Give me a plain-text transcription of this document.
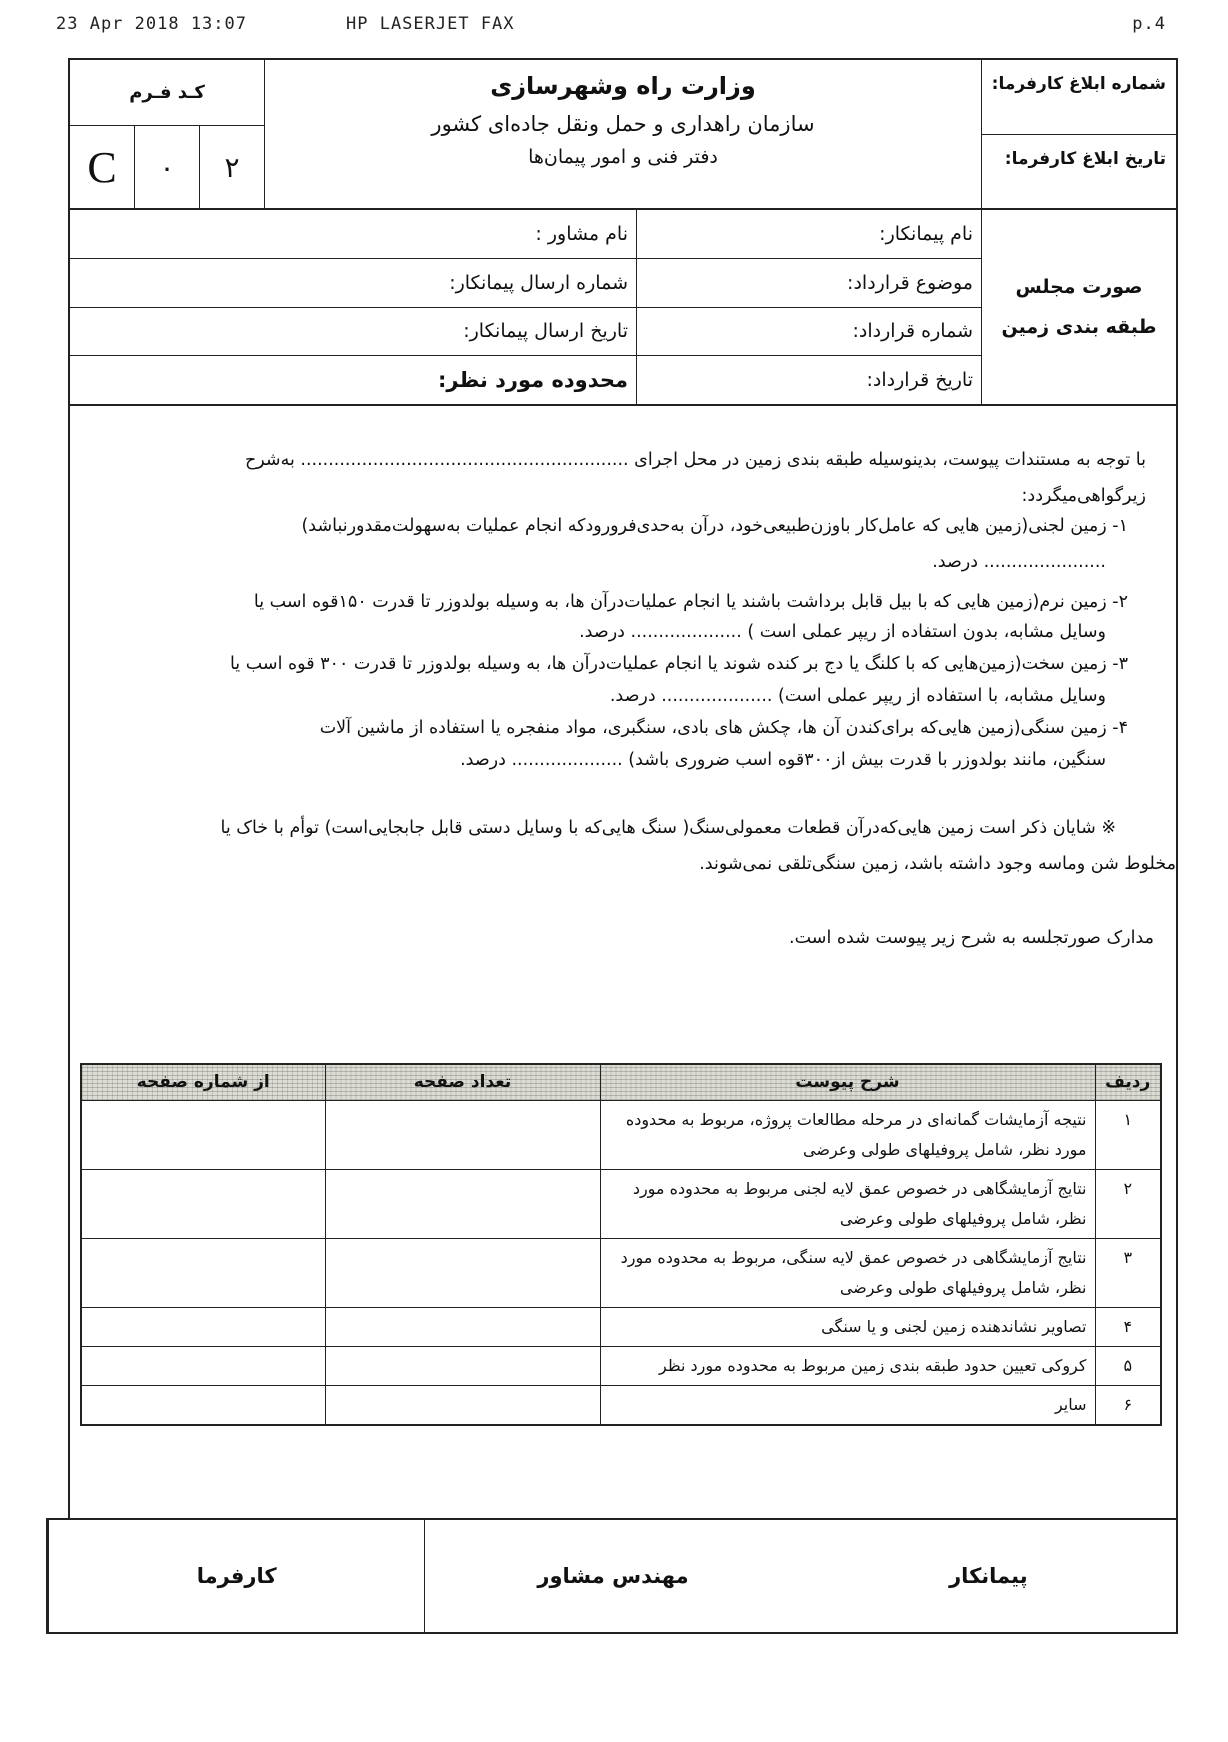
23 Apr 2018 13:07	HP LASERJET FAX	p.4
شماره ابلاغ کارفرما:
تاریخ ابلاغ کارفرما:
وزارت راه وشهرسازی
سازمان راهداری و حمل ونقل جاده‌ای کشور
دفتر فنی و امور پیمان‌ها
کـد فـرم
C	۰	۲
صورت مجلس
طبقه بندی زمین
نام پیمانکار:
موضوع قرارداد:
شماره قرارداد:
تاریخ قرارداد:
نام مشاور :
شماره ارسال پیمانکار:
تاریخ ارسال پیمانکار:
محدوده مورد نظر:
با توجه به مستندات پیوست، بدینوسیله طبقه بندی زمین در محل اجرای ........................................................... به‌شرح
زیرگواهی‌میگردد:
۱- زمین لجنی(زمین هایی که عامل‌کار باوزن‌طبیعی‌خود، درآن به‌حدی‌فرورودکه انجام عملیات به‌سهولت‌مقدورنباشد)
...................... درصد.
۲- زمین نرم(زمین هایی که با بیل قابل برداشت باشند یا انجام عملیات‌درآن ها، به وسیله بولدوزر تا قدرت ۱۵۰قوه اسب یا
وسایل مشابه، بدون استفاده از ریپر عملی است ) .................... درصد.
۳- زمین سخت(زمین‌هایی که با کلنگ یا دج بر کنده شوند یا انجام عملیات‌درآن ها، به وسیله بولدوزر تا قدرت ۳۰۰ قوه اسب یا
وسایل مشابه، با استفاده از ریپر عملی است) .................... درصد.
۴- زمین سنگی(زمین هایی‌که برای‌کندن آن ها، چکش های بادی، سنگبری، مواد منفجره یا استفاده از ماشین آلات
سنگین، مانند بولدوزر با قدرت بیش از۳۰۰قوه اسب ضروری باشد) .................... درصد.
※ شایان ذکر است زمین هایی‌که‌درآن قطعات معمولی‌سنگ( سنگ هایی‌که با وسایل دستی قابل جابجایی‌است) توأم با خاک یا
مخلوط شن وماسه وجود داشته باشد، زمین سنگی‌تلقی نمی‌شوند.
مدارک صورتجلسه به شرح زیر پیوست شده است.
ردیف	شرح پیوست	تعداد صفحه	از شماره صفحه
۱	نتیجه آزمایشات گمانه‌ای در مرحله مطالعات پروژه، مربوط به محدوده مورد نظر، شامل پروفیلهای طولی وعرضی		
۲	نتایج آزمایشگاهی در خصوص عمق لایه لجنی مربوط به محدوده مورد نظر، شامل پروفیلهای طولی وعرضی		
۳	نتایج آزمایشگاهی در خصوص عمق لایه سنگی، مربوط به محدوده مورد نظر، شامل پروفیلهای طولی وعرضی		
۴	تصاویر نشاندهنده زمین لجنی و یا سنگی		
۵	کروکی تعیین حدود طبقه بندی زمین مربوط به محدوده مورد نظر		
۶	سایر		
پیمانکار
مهندس مشاور
کارفرما
